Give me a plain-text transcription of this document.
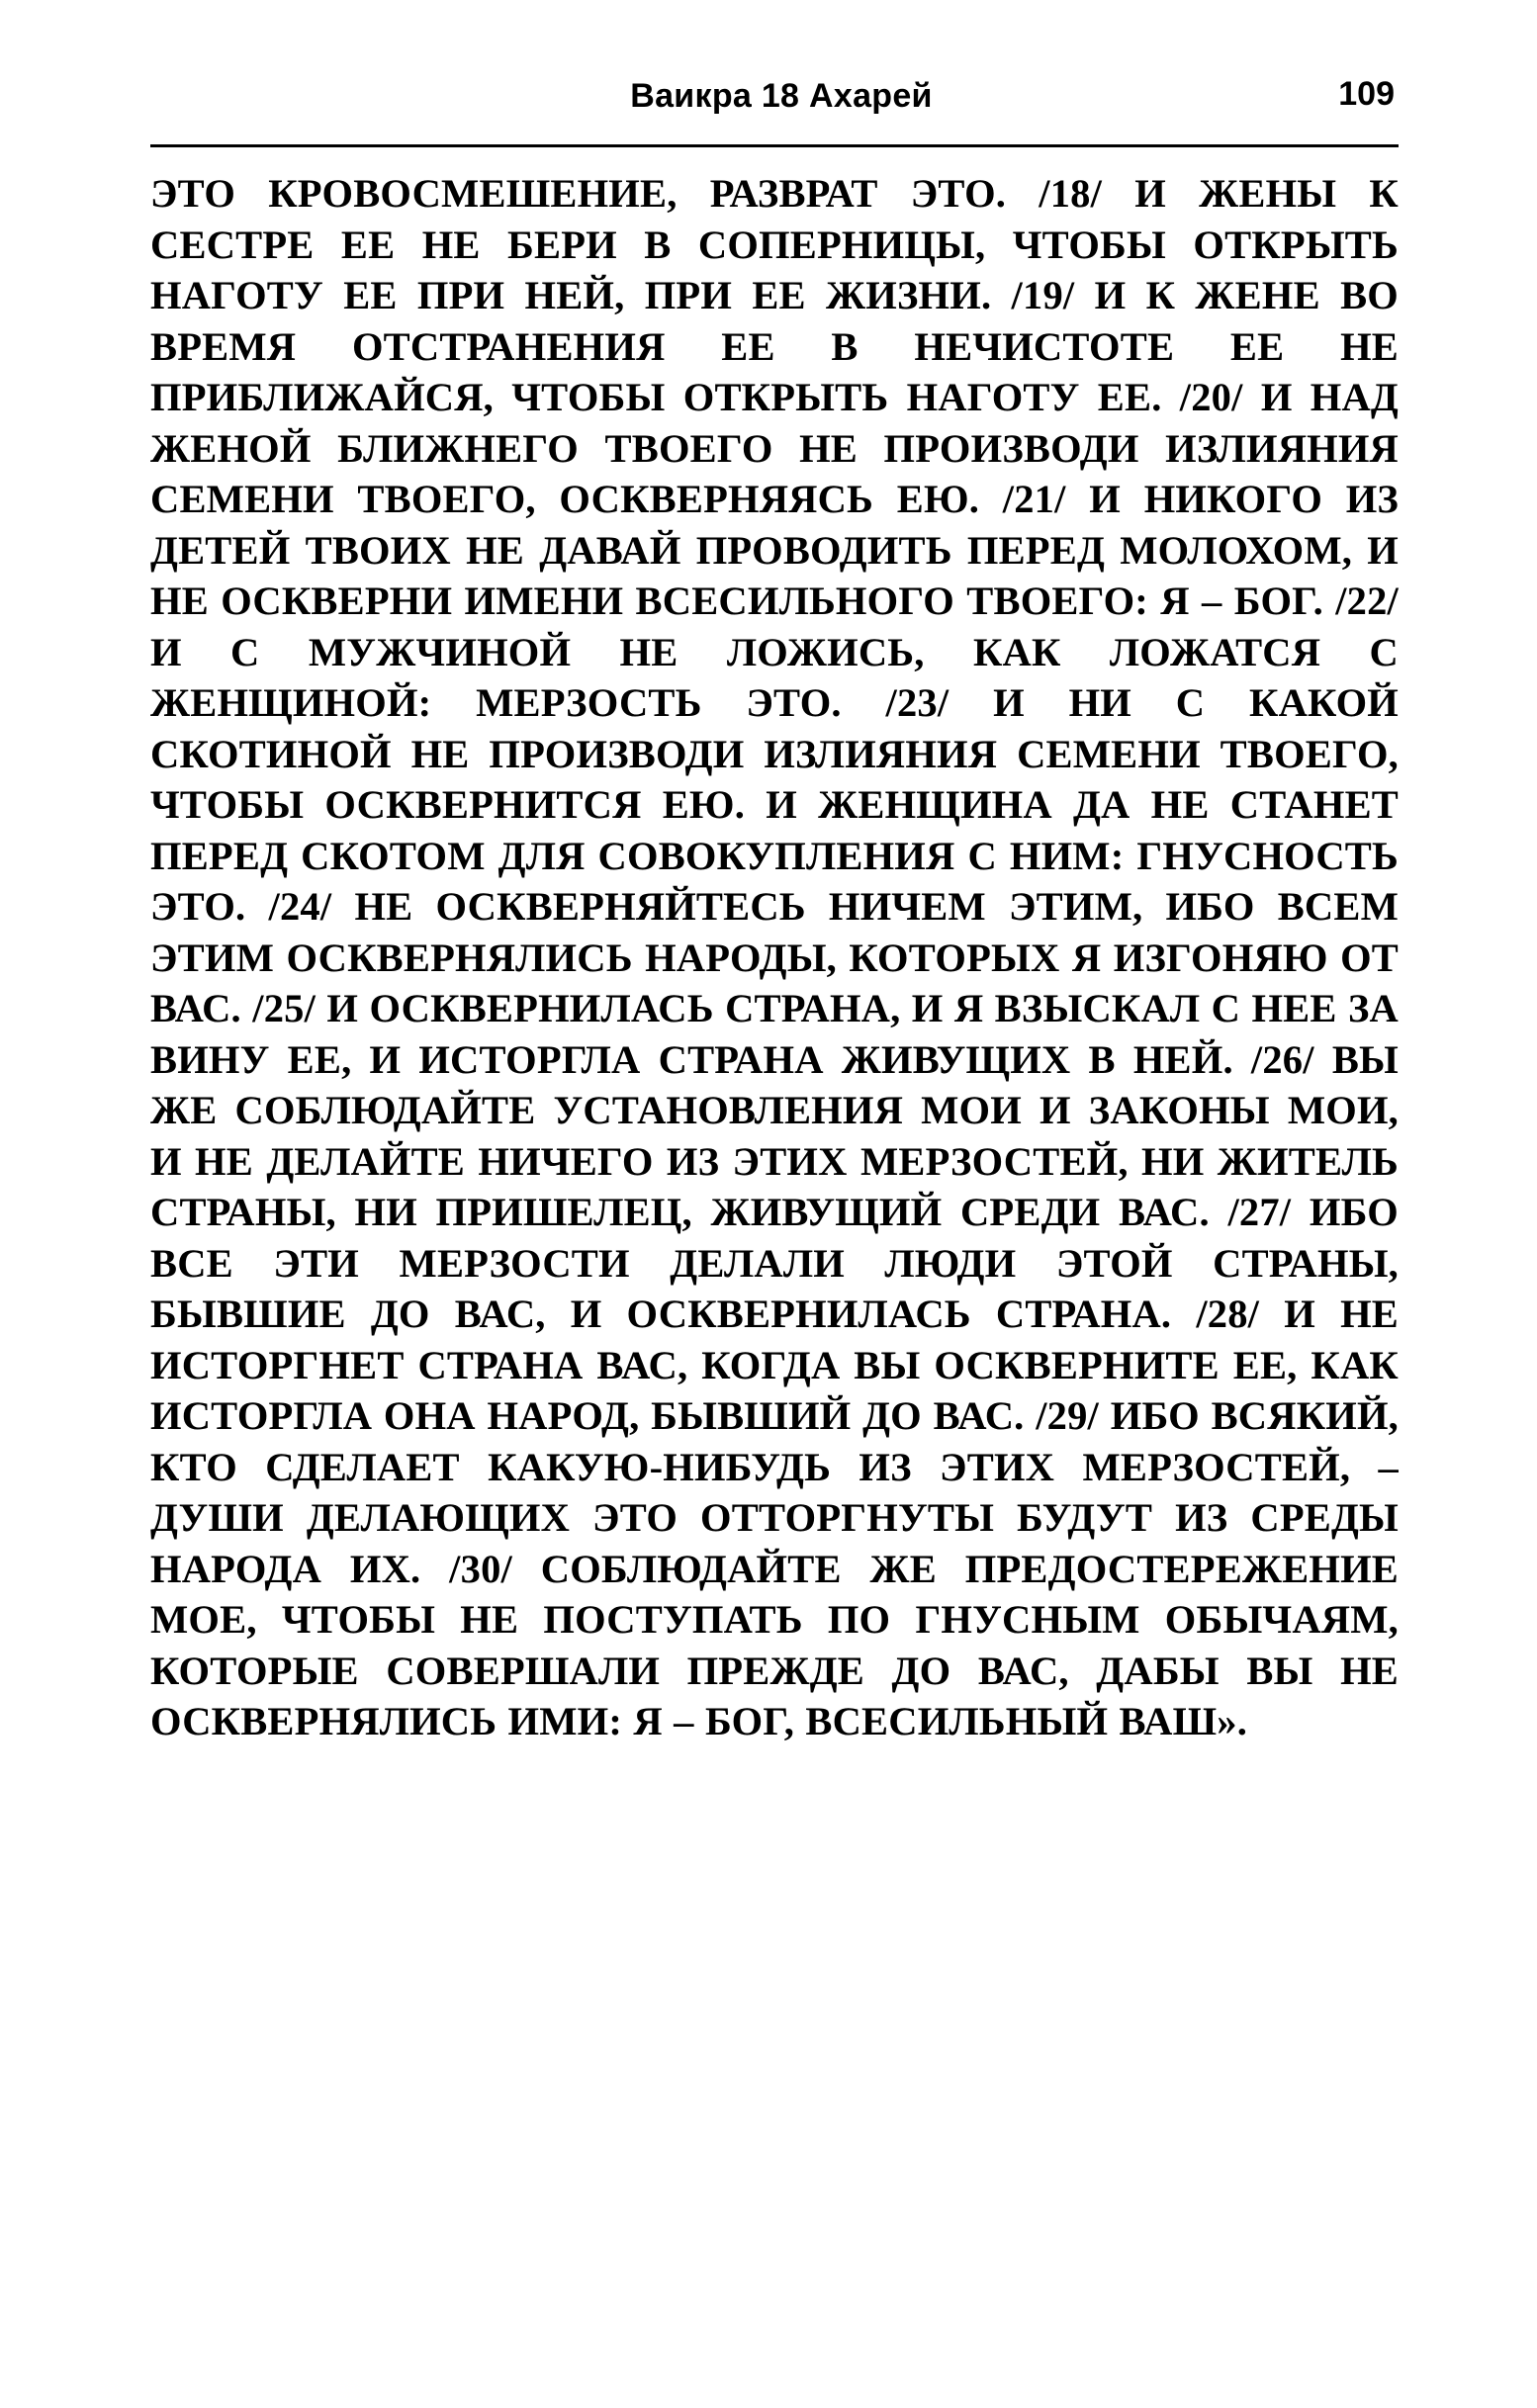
Ваикра 18 Ахарей	109

ЭТО КРОВОСМЕШЕНИЕ, РАЗВРАТ ЭТО. /18/ И ЖЕНЫ К СЕСТРЕ ЕЕ НЕ БЕРИ В СОПЕРНИЦЫ, ЧТОБЫ ОТКРЫТЬ НАГОТУ ЕЕ ПРИ НЕЙ, ПРИ ЕЕ ЖИЗНИ. /19/ И К ЖЕНЕ ВО ВРЕМЯ ОТСТРАНЕНИЯ ЕЕ В НЕЧИСТОТЕ ЕЕ НЕ ПРИБЛИЖАЙСЯ, ЧТОБЫ ОТКРЫТЬ НАГОТУ ЕЕ. /20/ И НАД ЖЕНОЙ БЛИЖНЕГО ТВОЕГО НЕ ПРОИЗВОДИ ИЗЛИЯНИЯ СЕМЕНИ ТВОЕГО, ОСКВЕРНЯЯСЬ ЕЮ. /21/ И НИКОГО ИЗ ДЕТЕЙ ТВОИХ НЕ ДАВАЙ ПРОВОДИТЬ ПЕРЕД МОЛОХОМ, И НЕ ОСКВЕРНИ ИМЕНИ ВСЕСИЛЬНОГО ТВОЕГО: Я – БОГ. /22/ И С МУЖЧИНОЙ НЕ ЛОЖИСЬ, КАК ЛОЖАТСЯ С ЖЕНЩИНОЙ: МЕРЗОСТЬ ЭТО. /23/ И НИ С КАКОЙ СКОТИНОЙ НЕ ПРОИЗВОДИ ИЗЛИЯНИЯ СЕМЕНИ ТВОЕГО, ЧТОБЫ ОСКВЕРНИТСЯ ЕЮ. И ЖЕНЩИНА ДА НЕ СТАНЕТ ПЕРЕД СКОТОМ ДЛЯ СОВОКУПЛЕНИЯ С НИМ: ГНУСНОСТЬ ЭТО. /24/ НЕ ОСКВЕРНЯЙТЕСЬ НИЧЕМ ЭТИМ, ИБО ВСЕМ ЭТИМ ОСКВЕРНЯЛИСЬ НАРОДЫ, КОТОРЫХ Я ИЗГОНЯЮ ОТ ВАС. /25/ И ОСКВЕРНИЛАСЬ СТРАНА, И Я ВЗЫСКАЛ С НЕЕ ЗА ВИНУ ЕЕ, И ИСТОРГЛА СТРАНА ЖИВУЩИХ В НЕЙ. /26/ ВЫ ЖЕ СОБЛЮДАЙТЕ УСТАНОВЛЕНИЯ МОИ И ЗАКОНЫ МОИ, И НЕ ДЕЛАЙТЕ НИЧЕГО ИЗ ЭТИХ МЕРЗОСТЕЙ, НИ ЖИТЕЛЬ СТРАНЫ, НИ ПРИШЕЛЕЦ, ЖИВУЩИЙ СРЕДИ ВАС. /27/ ИБО ВСЕ ЭТИ МЕРЗОСТИ ДЕЛАЛИ ЛЮДИ ЭТОЙ СТРАНЫ, БЫВШИЕ ДО ВАС, И ОСКВЕРНИЛАСЬ СТРАНА. /28/ И НЕ ИСТОРГНЕТ СТРАНА ВАС, КОГДА ВЫ ОСКВЕРНИТЕ ЕЕ, КАК ИСТОРГЛА ОНА НАРОД, БЫВШИЙ ДО ВАС. /29/ ИБО ВСЯКИЙ, КТО СДЕЛАЕТ КАКУЮ-НИБУДЬ ИЗ ЭТИХ МЕРЗОСТЕЙ, – ДУШИ ДЕЛАЮЩИХ ЭТО ОТТОРГНУТЫ БУДУТ ИЗ СРЕДЫ НАРОДА ИХ. /30/ СОБЛЮДАЙТЕ ЖЕ ПРЕДОСТЕРЕЖЕНИЕ МОЕ, ЧТОБЫ НЕ ПОСТУПАТЬ ПО ГНУСНЫМ ОБЫЧАЯМ, КОТОРЫЕ СОВЕРШАЛИ ПРЕЖДЕ ДО ВАС, ДАБЫ ВЫ НЕ ОСКВЕРНЯЛИСЬ ИМИ: Я – БОГ, ВСЕСИЛЬНЫЙ ВАШ».
